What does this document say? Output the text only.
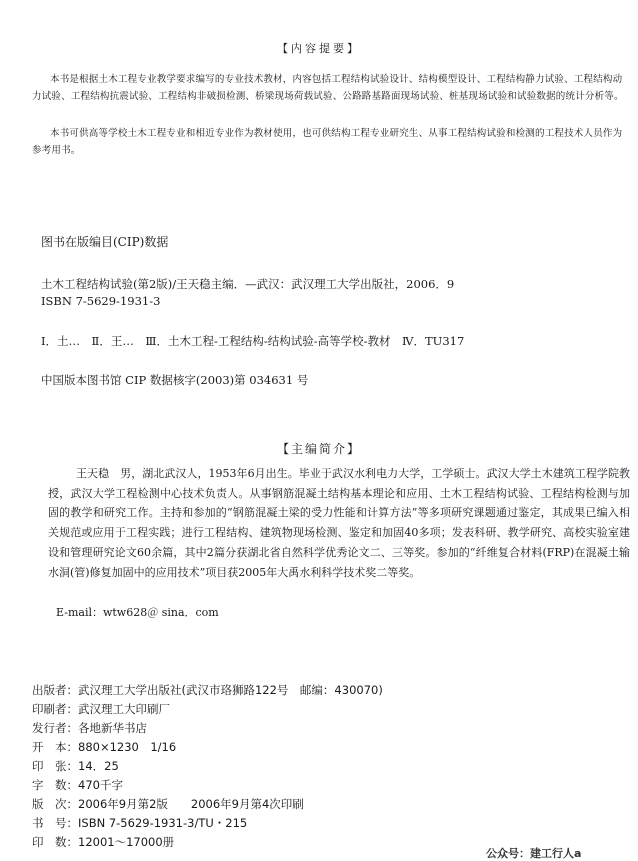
【内容提要】
本书是根据土木工程专业教学要求编写的专业技术教材，内容包括工程结构试验设计、结构模型设计、工程结构静力试验、工程结构动力试验、工程结构抗震试验、工程结构非破损检测、桥梁现场荷载试验、公路路基路面现场试验、桩基现场试验和试验数据的统计分析等。
本书可供高等学校土木工程专业和相近专业作为教材使用，也可供结构工程专业研究生、从事工程结构试验和检测的工程技术人员作为参考用书。
图书在版编目(CIP)数据
土木工程结构试验(第2版)/王天稳主编．—武汉：武汉理工大学出版社，2006．9
ISBN 7-5629-1931-3
Ⅰ．土…　Ⅱ．王…　Ⅲ．土木工程-工程结构-结构试验-高等学校-教材　Ⅳ．TU317
中国版本图书馆 CIP 数据核字(2003)第 034631 号
【主编简介】
王天稳　男，湖北武汉人，1953年6月出生。毕业于武汉水利电力大学，工学硕士。武汉大学土木建筑工程学院教授，武汉大学工程检测中心技术负责人。从事钢筋混凝土结构基本理论和应用、土木工程结构试验、工程结构检测与加固的教学和研究工作。主持和参加的“钢筋混凝土梁的受力性能和计算方法”等多项研究课题通过鉴定，其成果已编入相关规范或应用于工程实践；进行工程结构、建筑物现场检测、鉴定和加固40多项；发表科研、教学研究、高校实验室建设和管理研究论文60余篇，其中2篇分获湖北省自然科学优秀论文二、三等奖。参加的“纤维复合材料(FRP)在混凝土输水洞(管)修复加固中的应用技术”项目获2005年大禹水利科学技术奖二等奖。
E-mail：wtw628＠ sina．com
出版者：武汉理工大学出版社(武汉市珞狮路122号　邮编：430070)
印刷者：武汉理工大印刷厂
发行者：各地新华书店
开　本：880×1230　1/16
印　张：14．25
字　数：470千字
版　次：2006年9月第2版　　2006年9月第4次印刷
书　号：ISBN 7-5629-1931-3/TU・215
印　数：12001～17000册
公众号：建工行人a
